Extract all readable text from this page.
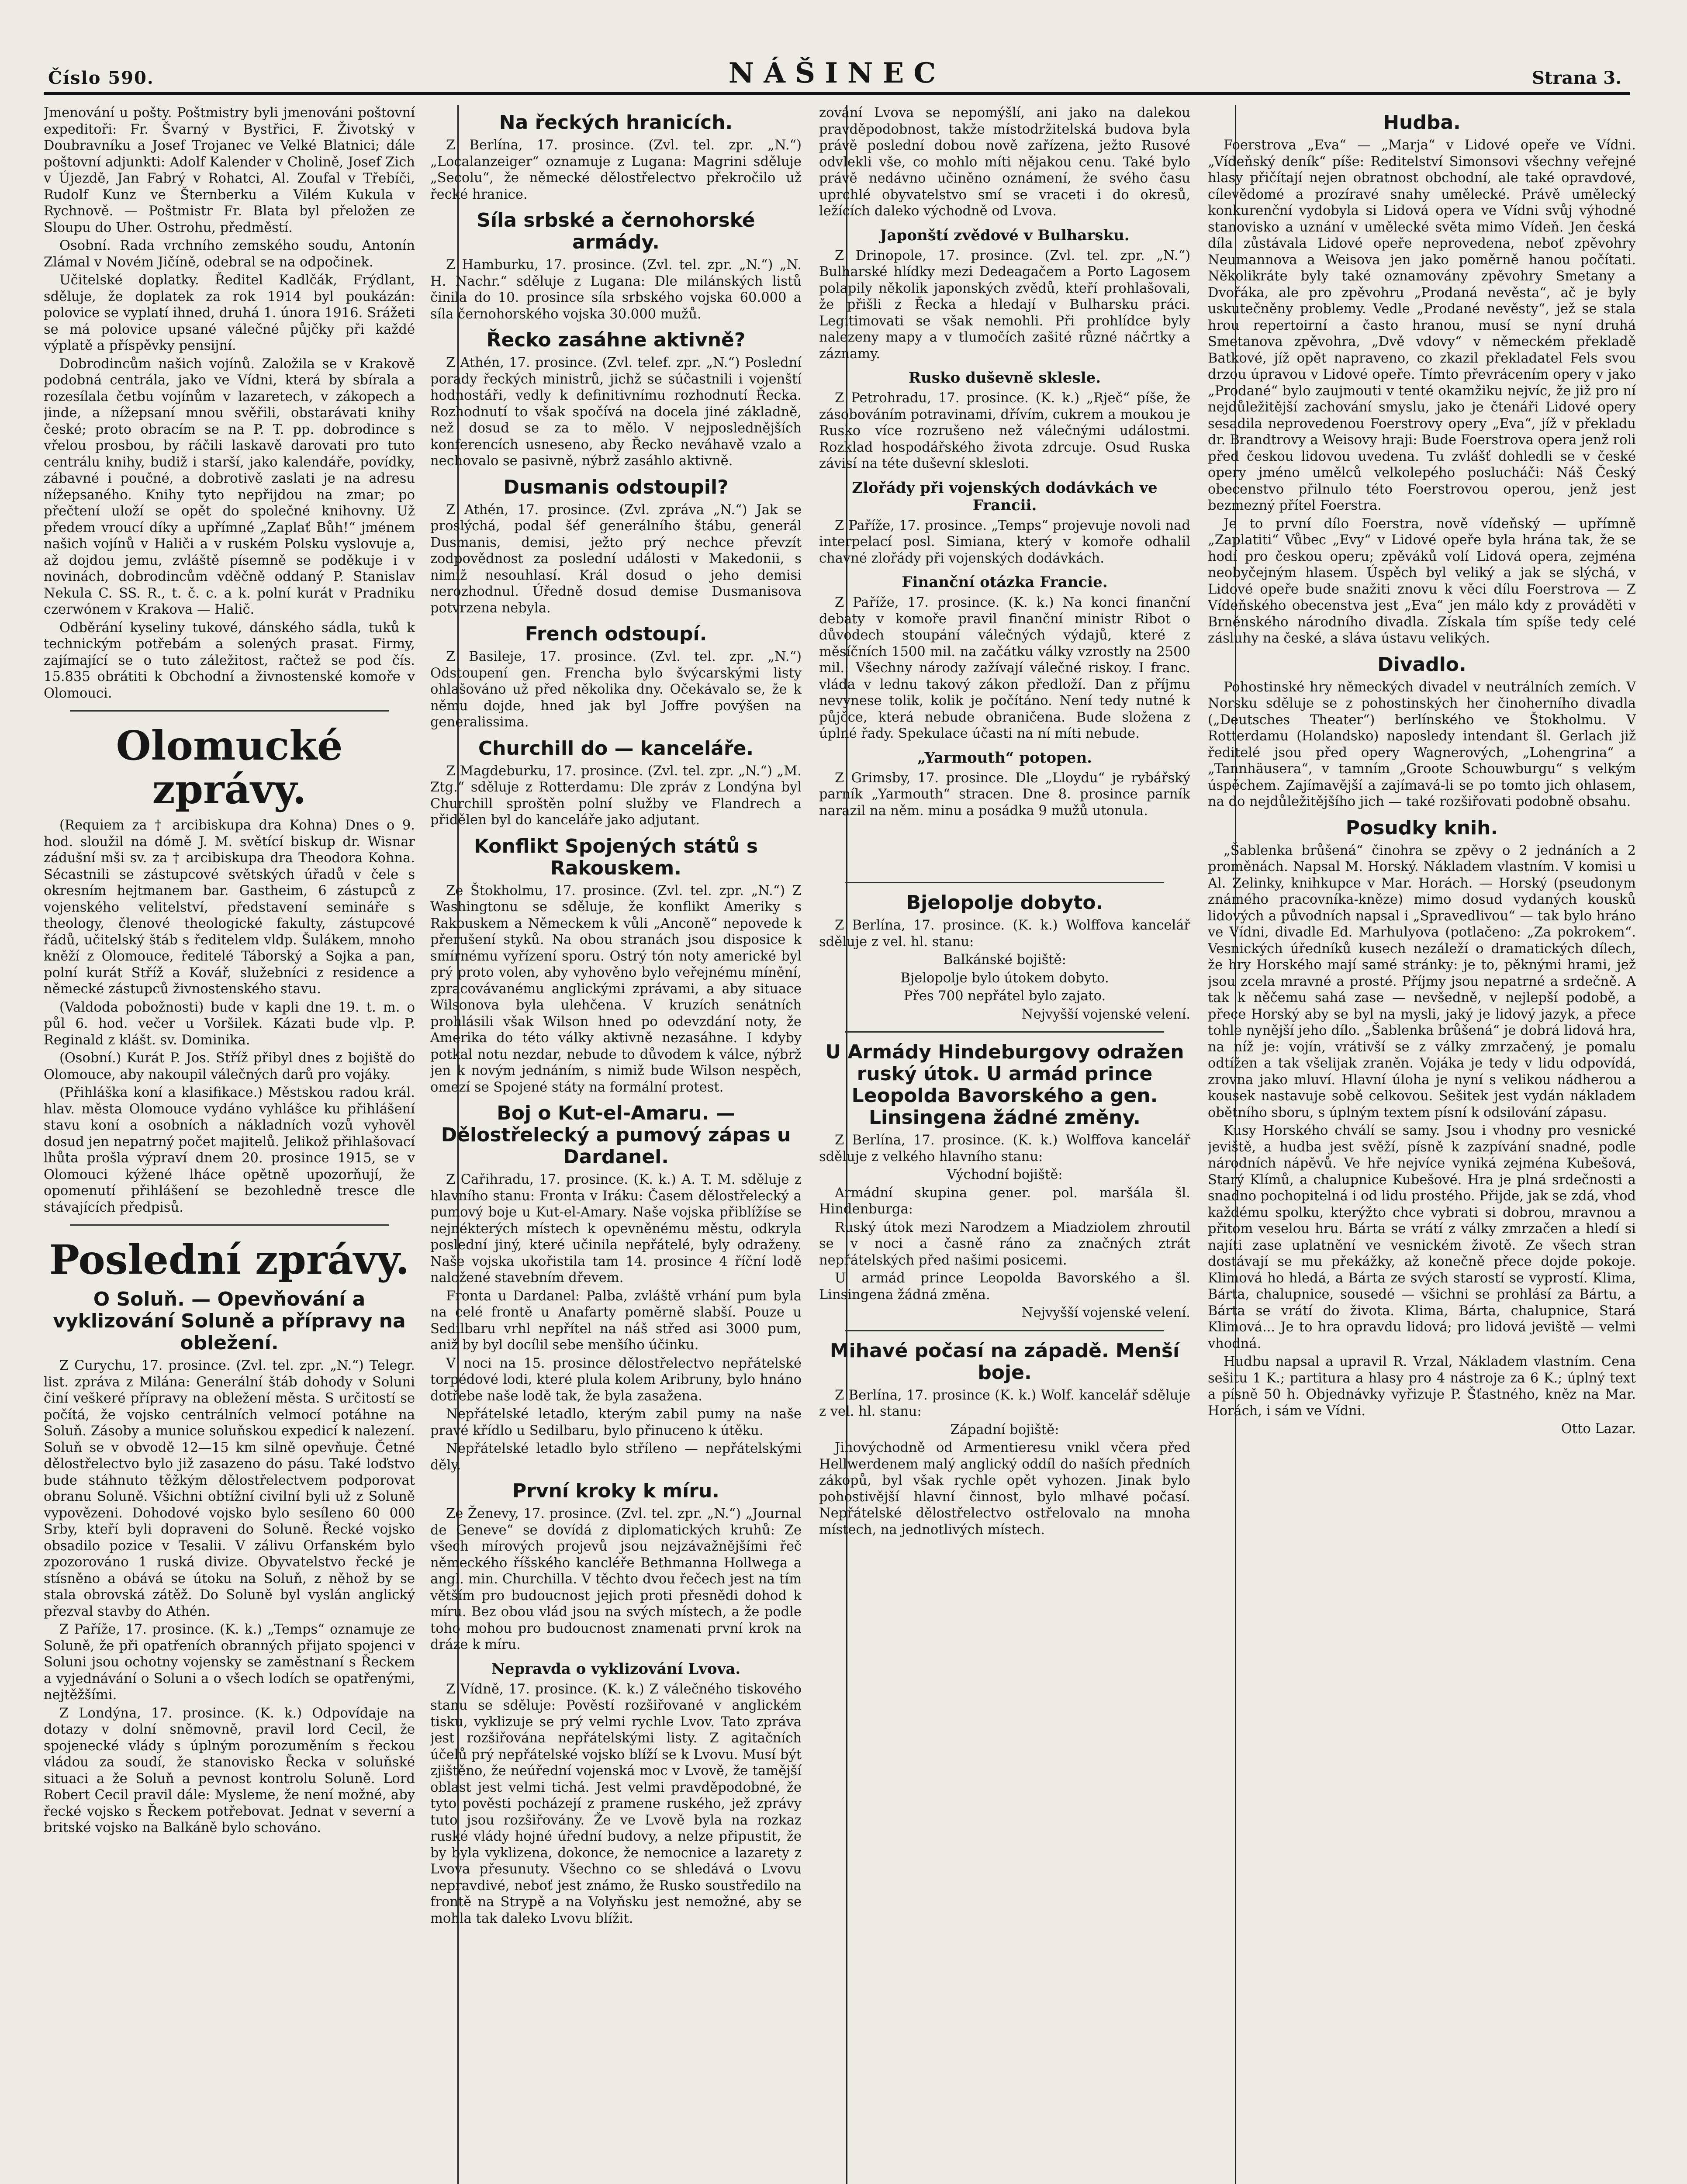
Číslo 590.	NÁŠINEC	Strana 3.

Jmenování u pošty. Poštmistry byli jmenováni poštovní expeditoři: Fr. Švarný v Bystřici, F. Životský v Doubravníku a Josef Trojanec ve Velké Blatnici; dále poštovní adjunkti: Adolf Kalender v Cholině, Josef Zich v Újezdě, Jan Fabrý v Rohatci, Al. Zoufal v Třebíči, Rudolf Kunz ve Šternberku a Vilém Kukula v Rychnově. — Poštmistr Fr. Blata byl přeložen ze Sloupu do Uher. Ostrohu, předměstí.

Osobní. Rada vrchního zemského soudu, Antonín Zlámal v Novém Jičíně, odebral se na odpočinek.

Učitelské doplatky. Ředitel Kadlčák, Frýdlant, sděluje, že doplatek za rok 1914 byl poukázán: polovice se vyplatí ihned, druhá 1. února 1916. Srážeti se má polovice upsané válečné půjčky při každé výplatě a příspěvky pensijní.

Dobrodincům našich vojínů. Založila se v Krakově podobná centrála, jako ve Vídni, která by sbírala a rozesílala četbu vojínům v lazaretech, v zákopech a jinde, a nížepsaní mnou svěřili, obstarávati knihy české; proto obracím se na P. T. pp. dobrodince s vřelou prosbou, by ráčili laskavě darovati pro tuto centrálu knihy, budiž i starší, jako kalendáře, povídky, zábavné i poučné, a dobrotivě zaslati je na adresu nížepsaného. Knihy tyto nepřijdou na zmar; po přečtení uloží se opět do společné knihovny. Už předem vroucí díky a upřímné „Zaplať Bůh!“ jménem našich vojínů v Haliči a v ruském Polsku vyslovuje a, až dojdou jemu, zvláště písemně se poděkuje i v novinách, dobrodincům vděčně oddaný P. Stanislav Nekula C. SS. R., t. č. c. a k. polní kurát v Pradniku czerwónem v Krakova — Halič.

Odběrání kyseliny tukové, dánského sádla, tuků k technickým potřebám a solených prasat. Firmy, zajímající se o tuto záležitost, račtež se pod čís. 15.835 obrátiti k Obchodní a živnostenské komoře v Olomouci.

Olomucké zprávy.

(Requiem za † arcibiskupa dra Kohna) Dnes o 9. hod. sloužil na dómě J. M. světící biskup dr. Wisnar zádušní mši sv. za † arcibiskupa dra Theodora Kohna. Sécastnili se zástupcové světských úřadů v čele s okresním hejtmanem bar. Gastheim, 6 zástupců z vojenského velitelství, představení semináře s theology, členové theologické fakulty, zástupcové řádů, učitelský štáb s ředitelem vldp. Šulákem, mnoho kněží z Olomouce, ředitelé Táborský a Sojka a pan, polní kurát Stříž a Kovář, služebníci z residence a německé zástupců živnostenského stavu.

(Valdoda pobožnosti) bude v kapli dne 19. t. m. o půl 6. hod. večer u Voršilek. Kázati bude vlp. P. Reginald z klášt. sv. Dominika.

(Osobní.) Kurát P. Jos. Stříž přibyl dnes z bojiště do Olomouce, aby nakoupil válečných darů pro vojáky.

(Přihláška koní a klasifikace.) Městskou radou král. hlav. města Olomouce vydáno vyhlášce ku přihlášení stavu koní a osobních a nákladních vozů vyhověl dosud jen nepatrný počet majitelů. Jelikož přihlašovací lhůta prošla výpraví dnem 20. prosince 1915, se v Olomouci kýžené lháce opětně upozorňují, že opomenutí přihlášení se bezohledně tresce dle stávajících předpisů.

Poslední zprávy.
O Soluň. — Opevňování a vyklizování Soluně a přípravy na obležení.

Z Curychu, 17. prosince. (Zvl. tel. zpr. „N.“) Telegr. list. zpráva z Milána: Generální štáb dohody v Soluni činí veškeré přípravy na obležení města. S určitostí se počítá, že vojsko centrálních velmocí potáhne na Soluň. Zásoby a munice soluňskou expedicí k nalezení. Soluň se v obvodě 12—15 km silně opevňuje. Četné dělostřelectvo bylo již zasazeno do pásu. Také loďstvo bude stáhnuto těžkým dělostřelectvem podporovat obranu Soluně. Všichni obtížní civilní byli už z Soluně vypovězeni. Dohodové vojsko bylo sesíleno 60 000 Srby, kteří byli dopraveni do Soluně. Řecké vojsko obsadilo pozice v Tesalii. V zálivu Orfanském bylo zpozorováno 1 ruská divize. Obyvatelstvo řecké je stísněno a obává se útoku na Soluň, z něhož by se stala obrovská zátěž. Do Soluně byl vyslán anglický přezval stavby do Athén.

Z Paříže, 17. prosince. (K. k.) „Temps“ oznamuje ze Soluně, že při opatřeních obranných přijato spojenci v Soluni jsou ochotny vojensky se zaměstnaní s Řeckem a vyjednávání o Soluni a o všech lodích se opatřenými, nejtěžšími.

Z Londýna, 17. prosince. (K. k.) Odpovídaje na dotazy v dolní sněmovně, pravil lord Cecil, že spojenecké vlády s úplným porozuměním s řeckou vládou za soudí, že stanovisko Řecka v soluňské situaci a že Soluň a pevnost kontrolu Soluně. Lord Robert Cecil pravil dále: Mysleme, že není možné, aby řecké vojsko s Řeckem potřebovat. Jednat v severní a britské vojsko na Balkáně bylo schováno.

Na řeckých hranicích.

Z Berlína, 17. prosince. (Zvl. tel. zpr. „N.“) „Localanzeiger“ oznamuje z Lugana: Magrini sděluje „Secolu“, že německé dělostřelectvo překročilo už řecké hranice.

Síla srbské a černohorské armády.

Z Hamburku, 17. prosince. (Zvl. tel. zpr. „N.“) „N. H. Nachr.“ sděluje z Lugana: Dle milánských listů činila do 10. prosince síla srbského vojska 60.000 a síla černohorského vojska 30.000 mužů.

Řecko zasáhne aktivně?

Z Athén, 17. prosince. (Zvl. telef. zpr. „N.“) Poslední porady řeckých ministrů, jichž se súčastnili i vojenští hodnostáři, vedly k definitivnímu rozhodnutí Řecka. Rozhodnutí to však spočívá na docela jiné základně, než dosud se za to mělo. V nejposlednějších konferencích usneseno, aby Řecko neváhavě vzalo a nechovalo se pasivně, nýbrž zasáhlo aktivně.

Dusmanis odstoupil?

Z Athén, 17. prosince. (Zvl. zpráva „N.“) Jak se proslýchá, podal šéf generálního štábu, generál Dusmanis, demisi, ježto prý nechce převzít zodpovědnost za poslední události v Makedonii, s nimiž nesouhlasí. Král dosud o jeho demisi nerozhodnul. Úředně dosud demise Dusmanisova potvrzena nebyla.

French odstoupí.

Z Basileje, 17. prosince. (Zvl. tel. zpr. „N.“) Odstoupení gen. Frencha bylo švýcarskými listy ohlašováno už před několika dny. Očekávalo se, že k němu dojde, hned jak byl Joffre povýšen na generalissima.

Churchill do — kanceláře.

Z Magdeburku, 17. prosince. (Zvl. tel. zpr. „N.“) „M. Ztg.“ sděluje z Rotterdamu: Dle zpráv z Londýna byl Churchill sproštěn polní služby ve Flandrech a přidělen byl do kanceláře jako adjutant.

Konflikt Spojených států s Rakouskem.

Ze Štokholmu, 17. prosince. (Zvl. tel. zpr. „N.“) Z Washingtonu se sděluje, že konflikt Ameriky s Rakouskem a Německem k vůli „Anconě“ nepovede k přerušení styků. Na obou stranách jsou disposice k smírnému vyřízení sporu. Ostrý tón noty americké byl prý proto volen, aby vyhověno bylo veřejnému mínění, zpracovávanému anglickými zprávami, a aby situace Wilsonova byla ulehčena. V kruzích senátních prohlásili však Wilson hned po odevzdání noty, že Amerika do této války aktivně nezasáhne. I kdyby potkal notu nezdar, nebude to důvodem k válce, nýbrž jen k novým jednáním, s nimiž bude Wilson nespěch, omezí se Spojené státy na formální protest.

Boj o Kut-el-Amaru. — Dělostřelecký a pumový zápas u Dardanel.

Z Cařihradu, 17. prosince. (K. k.) A. T. M. sděluje z hlavního stanu: Fronta v Iráku: Časem dělostřelecký a pumový boje u Kut-el-Amary. Naše vojska přiblížíse se nejnékterých místech k opevněnému městu, odkryla poslední jiný, které učinila nepřátelé, byly odraženy. Naše vojska ukořistila tam 14. prosince 4 říční lodě naložené stavebním dřevem.

Fronta u Dardanel: Palba, zvláště vrhání pum byla na celé frontě u Anafarty poměrně slabší. Pouze u Sedilbaru vrhl nepřítel na náš střed asi 3000 pum, aniž by byl docílil sebe menšího účinku.

V noci na 15. prosince dělostřelectvo nepřátelské torpédové lodi, které plula kolem Aribruny, bylo hnáno dotřebe naše lodě tak, že byla zasažena.

Nepřátelské letadlo, kterým zabil pumy na naše pravé křídlo u Sedilbaru, bylo přinuceno k útěku.

Nepřátelské letadlo bylo stříleno — nepřátelskými děly.

První kroky k míru.

Ze Ženevy, 17. prosince. (Zvl. tel. zpr. „N.“) „Journal de Geneve“ se dovídá z diplomatických kruhů: Ze všech mírových projevů jsou nejzávažnějšími řeč německého říšského kancléře Bethmanna Hollwega a angl. min. Churchilla. V těchto dvou řečech jest na tím větším pro budoucnost jejich proti přesnědi dohod k míru. Bez obou vlád jsou na svých místech, a že podle toho mohou pro budoucnost znamenati první krok na dráze k míru.

Nepravda o vyklizování Lvova.

Z Vídně, 17. prosince. (K. k.) Z válečného tiskového stanu se sděluje: Pověstí rozšiřované v anglickém tisku, vyklizuje se prý velmi rychle Lvov. Tato zpráva jest rozšiřována nepřátelskými listy. Z agitačních účelů prý nepřátelské vojsko blíží se k Lvovu. Musí být zjištěno, že neúřední vojenská moc v Lvově, že tamější oblast jest velmi tichá. Jest velmi pravděpodobné, že tyto pověsti pocházejí z pramene ruského, jež zprávy tuto jsou rozšiřovány. Že ve Lvově byla na rozkaz ruské vlády hojné úřední budovy, a nelze připustit, že by byla vyklizena, dokonce, že nemocnice a lazarety z Lvova přesunuty. Všechno co se shledává o Lvovu nepravdivé, neboť jest známo, že Rusko soustředilo na frontě na Strypě a na Volyňsku jest nemožné, aby se mohla tak daleko Lvovu blížit.

zování Lvova se nepomýšlí, ani jako na dalekou pravděpodobnost, takže místodržitelská budova byla právě poslední dobou nově zařízena, ježto Rusové odvlekli vše, co mohlo míti nějakou cenu. Také bylo právě nedávno učiněno oznámení, že svého času uprchlé obyvatelstvo smí se vraceti i do okresů, ležících daleko východně od Lvova.

Japonští zvědové v Bulharsku.

Z Drinopole, 17. prosince. (Zvl. tel. zpr. „N.“) Bulharské hlídky mezi Dedeagačem a Porto Lagosem polapily několik japonských zvědů, kteří prohlašovali, že přišli z Řecka a hledají v Bulharsku práci. Legitimovati se však nemohli. Při prohlídce byly nalezeny mapy a v tlumočích zašité různé náčrtky a záznamy.

Rusko duševně sklesle.

Z Petrohradu, 17. prosince. (K. k.) „Rječ“ píše, že zásobováním potravinami, dřívím, cukrem a moukou je Rusko více rozrušeno než válečnými událostmi. Rozklad hospodářského života zdrcuje. Osud Ruska závisí na téte duševní sklesloti.

Zlořády při vojenských dodávkách ve Francii.

Z Paříže, 17. prosince. „Temps“ projevuje novoli nad interpelací posl. Simiana, který v komoře odhalil chavné zlořády při vojenských dodávkách.

Finanční otázka Francie.

Z Paříže, 17. prosince. (K. k.) Na konci finanční debaty v komoře pravil finanční ministr Ribot o důvodech stoupání válečných výdajů, které z měsíčních 1500 mil. na začátku války vzrostly na 2500 mil.: Všechny národy zažívají válečné riskoy. I franc. vláda v lednu takový zákon předloží. Dan z příjmu nevynese tolik, kolik je počítáno. Není tedy nutné k půjčce, která nebude obraničena. Bude složena z úplné řady. Spekulace účasti na ní míti nebude.

„Yarmouth“ potopen.

Z Grimsby, 17. prosince. Dle „Lloydu“ je rybářský parník „Yarmouth“ stracen. Dne 8. prosince parník narazil na něm. minu a posádka 9 mužů utonula.

Bjelopolje dobyto.

Z Berlína, 17. prosince. (K. k.) Wolffova kancelář sděluje z vel. hl. stanu:

Balkánské bojiště:

Bjelopolje bylo útokem dobyto.

Přes 700 nepřátel bylo zajato.

Nejvyšší vojenské velení.

U Armády Hindeburgovy odražen ruský útok. U armád prince Leopolda Bavorského a gen. Linsingena žádné změny.

Z Berlína, 17. prosince. (K. k.) Wolffova kancelář sděluje z velkého hlavního stanu:

Východní bojiště:

Armádní skupina gener. pol. maršála šl. Hindenburga:

Ruský útok mezi Narodzem a Miadziolem zhroutil se v noci a časně ráno za značných ztrát nepřátelských před našimi posicemi.

U armád prince Leopolda Bavorského a šl. Linsingena žádná změna.

Nejvyšší vojenské velení.

Mihavé počasí na západě. Menší boje.

Z Berlína, 17. prosince (K. k.) Wolf. kancelář sděluje z vel. hl. stanu:

Západní bojiště:

Jihovýchodně od Armentieresu vnikl včera před Hellwerdenem malý anglický oddíl do naších předních zákopů, byl však rychle opět vyhozen. Jinak bylo pohostivější hlavní činnost, bylo mlhavé počasí. Nepřátelské dělostřelectvo ostřelovalo na mnoha místech, na jednotlivých místech.

Hudba.

Foerstrova „Eva“ — „Marja“ v Lidové opeře ve Vídni. „Vídeňský deník“ píše: Reditelství Simonsovi všechny veřejné hlasy přičítají nejen obratnost obchodní, ale také opravdové, cílevědomé a prozíravé snahy umělecké. Právě umělecký konkurenční vydobyla si Lidová opera ve Vídni svůj výhodné stanovisko a uznání v umělecké světa mimo Vídeň. Jen česká díla zůstávala Lidové opeře neprovedena, neboť zpěvohry Neumannova a Weisova jen jako poměrně hanou počítati. Několikráte byly také oznamovány zpěvohry Smetany a Dvořáka, ale pro zpěvohru „Prodaná nevěsta“, ač je byly uskutečněny problemy. Vedle „Prodané nevěsty“, jež se stala hrou repertoirní a často hranou, musí se nyní druhá Smetanova zpěvohra, „Dvě vdovy“ v německém překladě Batkové, jíž opět napraveno, co zkazil překladatel Fels svou drzou úpravou v Lidové opeře. Tímto převrácením opery v jako „Prodané“ bylo zaujmouti v tenté okamžiku nejvíc, že již pro ní nejdůležitější zachování smyslu, jako je čtenáři Lidové opery sesadila neprovedenou Foerstrovy opery „Eva“, jíž v překladu dr. Brandtrovy a Weisovy hraji: Bude Foerstrova opera jenž roli před českou lidovou uvedena. Tu zvlášť dohledli se v české opery jméno umělců velkolepého poslucháči: Náš Český obecenstvo přilnulo této Foerstrovou operou, jenž jest bezmezný přítel Foerstra.

Je to první dílo Foerstra, nově vídeňský — upřímně „Zaplatiti“ Vůbec „Evy“ v Lidové opeře byla hrána tak, že se hodí pro českou operu; zpěváků volí Lidová opera, zejména neobyčejným hlasem. Úspěch byl veliký a jak se slýchá, v Lidové opeře bude snažiti znovu k věci dílu Foerstrova — Z Vídeňského obecenstva jest „Eva“ jen málo kdy z prováděti v Brněnského národního divadla. Získala tím spíše tedy celé zásluhy na české, a sláva ústavu velikých.

Divadlo.

Pohostinské hry německých divadel v neutrálních zemích. V Norsku sděluje se z pohostinských her činoherního divadla („Deutsches Theater“) berlínského ve Štokholmu. V Rotterdamu (Holandsko) naposledy intendant šl. Gerlach již ředitelé jsou před opery Wagnerových, „Lohengrina“ a „Tannhäusera“, v tamním „Groote Schouwburgu“ s velkým úspěchem. Zajímavější a zajímavá-li se po tomto jich ohlasem, na do nejdůležitějšího jich — také rozšiřovati podobně obsahu.

Posudky knih.

„Šablenka brůšená“ činohra se zpěvy o 2 jednáních a 2 proměnách. Napsal M. Horský. Nákladem vlastním. V komisi u Al. Zelinky, knihkupce v Mar. Horách. — Horský (pseudonym známého pracovníka-kněze) mimo dosud vydaných kousků lidových a původních napsal i „Spravedlivou“ — tak bylo hráno ve Vídni, divadle Ed. Marhulyova (potlačeno: „Za pokrokem“. Vesnických úředníků kusech nezáleží o dramatických dílech, že hry Horského mají samé stránky: je to, pěknými hrami, jež jsou zcela mravné a prosté. Příjmy jsou nepatrné a srdečně. A tak k něčemu sahá zase — nevšedně, v nejlepší podobě, a přece Horský aby se byl na mysli, jaký je lidový jazyk, a přece tohle nynější jeho dílo. „Šablenka brůšená“ je dobrá lidová hra, na níž je: vojín, vrátivší se z války zmrzačený, je pomalu odtížen a tak všelijak zraněn. Vojáka je tedy v lidu odpovídá, zrovna jako mluví. Hlavní úloha je nyní s velikou nádherou a kousek nastavuje sobě celkovou. Sešitek jest vydán nákladem obětního sboru, s úplným textem písní k odsilování zápasu.

Kusy Horského chválí se samy. Jsou i vhodny pro vesnické jeviště, a hudba jest svěží, písně k zazpívání snadné, podle národních nápěvů. Ve hře nejvíce vyniká zejména Kubešová, Starý Klímů, a chalupnice Kubešové. Hra je plná srdečnosti a snadno pochopitelná i od lidu prostého. Přijde, jak se zdá, vhod každému spolku, kterýžto chce vybrati si dobrou, mravnou a přitom veselou hru. Bárta se vrátí z války zmrzačen a hledí si najíti zase uplatnění ve vesnickém životě. Ze všech stran dostávají se mu překážky, až konečně přece dojde pokoje. Klimová ho hledá, a Bárta ze svých starostí se vyprostí. Klima, Bárta, chalupnice, sousedé — všichni se prohlásí za Bártu, a Bárta se vrátí do života. Klima, Bárta, chalupnice, Stará Klimová... Je to hra opravdu lidová; pro lidová jeviště — velmi vhodná.

Hudbu napsal a upravil R. Vrzal, Nákladem vlastním. Cena sešitu 1 K.; partitura a hlasy pro 4 nástroje za 6 K.; úplný text a písně 50 h. Objednávky vyřizuje P. Šťastného, kněz na Mar. Horách, i sám ve Vídni.

Otto Lazar.
